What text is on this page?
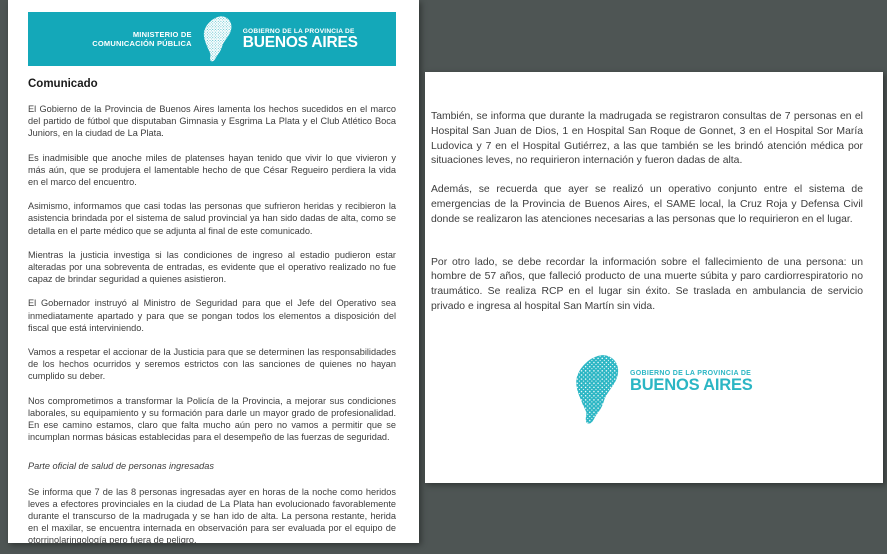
MINISTERIO DE
COMUNICACIÓN PÚBLICA
GOBIERNO DE LA PROVINCIA DE
BUENOS AIRES
Comunicado

El Gobierno de la Provincia de Buenos Aires lamenta los hechos sucedidos en el marco del partido de fútbol que disputaban Gimnasia y Esgrima La Plata y el Club Atlético Boca Juniors, en la ciudad de La Plata.

Es inadmisible que anoche miles de platenses hayan tenido que vivir lo que vivieron y más aún, que se produjera el lamentable hecho de que César Regueiro perdiera la vida en el marco del encuentro.

Asimismo, informamos que casi todas las personas que sufrieron heridas y recibieron la asistencia brindada por el sistema de salud provincial ya han sido dadas de alta, como se detalla en el parte médico que se adjunta al final de este comunicado.

Mientras la justicia investiga si las condiciones de ingreso al estadio pudieron estar alteradas por una sobreventa de entradas, es evidente que el operativo realizado no fue capaz de brindar seguridad a quienes asistieron.

El Gobernador instruyó al Ministro de Seguridad para que el Jefe del Operativo sea inmediatamente apartado y para que se pongan todos los elementos a disposición del fiscal que está interviniendo.

Vamos a respetar el accionar de la Justicia para que se determinen las responsabilidades de los hechos ocurridos y seremos estrictos con las sanciones de quienes no hayan cumplido su deber.

Nos comprometimos a transformar la Policía de la Provincia, a mejorar sus condiciones laborales, su equipamiento y su formación para darle un mayor grado de profesionalidad. En ese camino estamos, claro que falta mucho aún pero no vamos a permitir que se incumplan normas básicas establecidas para el desempeño de las fuerzas de seguridad.

Parte oficial de salud de personas ingresadas

Se informa que 7 de las 8 personas ingresadas ayer en horas de la noche como heridos leves a efectores provinciales en la ciudad de La Plata han evolucionado favorablemente durante el transcurso de la madrugada y se han ido de alta. La persona restante, herida en el maxilar, se encuentra internada en observación para ser evaluada por el equipo de otorrinolaringología pero fuera de peligro.

También, se informa que durante la madrugada se registraron consultas de 7 personas en el Hospital San Juan de Dios, 1 en Hospital San Roque de Gonnet, 3 en el Hospital Sor María Ludovica y 7 en el Hospital Gutiérrez, a las que también se les brindó atención médica por situaciones leves, no requirieron internación y fueron dadas de alta.

Además, se recuerda que ayer se realizó un operativo conjunto entre el sistema de emergencias de la Provincia de Buenos Aires, el SAME local, la Cruz Roja y Defensa Civil donde se realizaron las atenciones necesarias a las personas que lo requirieron en el lugar.

Por otro lado, se debe recordar la información sobre el fallecimiento de una persona: un hombre de 57 años, que falleció producto de una muerte súbita y paro cardiorrespiratorio no traumático. Se realiza RCP en el lugar sin éxito. Se traslada en ambulancia de servicio privado e ingresa al hospital San Martín sin vida.

GOBIERNO DE LA PROVINCIA DE
BUENOS AIRES
